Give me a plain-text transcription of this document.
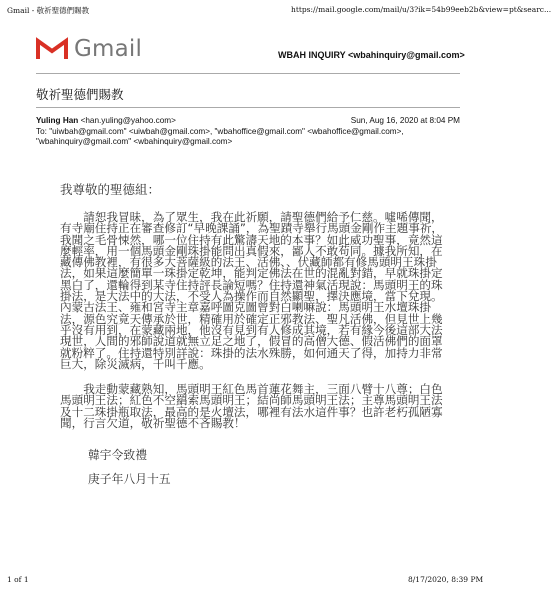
Gmail - 敬祈聖德們賜教	https://mail.google.com/mail/u/3?ik=54b99eeb2b&view=pt&searc...
Gmail	WBAH INQUIRY <wbahinquiry@gmail.com>
敬祈聖德們賜教
Yuling Han <han.yuling@yahoo.com>	Sun, Aug 16, 2020 at 8:04 PM
To: "uiwbah@gmail.com" <uiwbah@gmail.com>, "wbahoffice@gmail.com" <wbahoffice@gmail.com>,
"wbahinquiry@gmail.com" <wbahinquiry@gmail.com>

我尊敬的聖德組：

請恕我冒昧，為了眾生，我在此祈願，請聖德們給予仁慈。噓唏傳聞，有寺廟住持正在審查修訂“早晚課誦”，為聖蹟寺舉行馬頭金剛作主題事祈，我聞之毛骨悚然，哪一位住持有此驚濤天地的本事？如此威功聖事，竟然這麼輕率，用一個馬頭金剛珠掛能問出真假來，鄙人不敢苟同。據我所知，在藏傳佛教裡，有很多大菩薩級的法王、活佛、、伏藏師都有修馬頭明王珠掛法，如果這麼簡單一珠掛定乾坤，能判定佛法在世的混亂對錯，早就珠掛定黑白了，還輪得到某寺住持評長論短嗎？住持還神氣活現說：馬頭明王的珠掛法，是大法中的大法，不受人為操作而自然顯聖，擇決應境，當下兌現。內蒙古法王、雍和宮寺主章嘉呼圖克圖曾對白喇嘛說：馬頭明王水壇珠掛法，源色究竟天傳承於世，精確用於確定正邪教法、聖凡活佛，但見世上幾乎沒有用到，在蒙藏兩地，他沒有見到有人修成其境，若有緣今後這部大法現世，人間的邪師說道就無立足之地了，假冒的高僧大德、假活佛們的面罩就粉粹了。住持還特別詳說：珠掛的法水殊勝，如何通天了得，加持力非常巨大，除災滅病，千叫千應。

我走動蒙藏熟知，馬頭明王紅色馬首蓮花舞主，三面八臂十八尊；白色馬頭明王法；紅色不空羂索馬頭明王；結尚師馬頭明王法；主尊馬頭明王法及十二珠掛瓶取法，最高的是火壇法，哪裡有法水這件事？也許老朽孤陋寡聞，行言欠道，敬祈聖德不吝賜教！

韓宇令致禮
庚子年八月十五
1 of 1	8/17/2020, 8:39 PM
